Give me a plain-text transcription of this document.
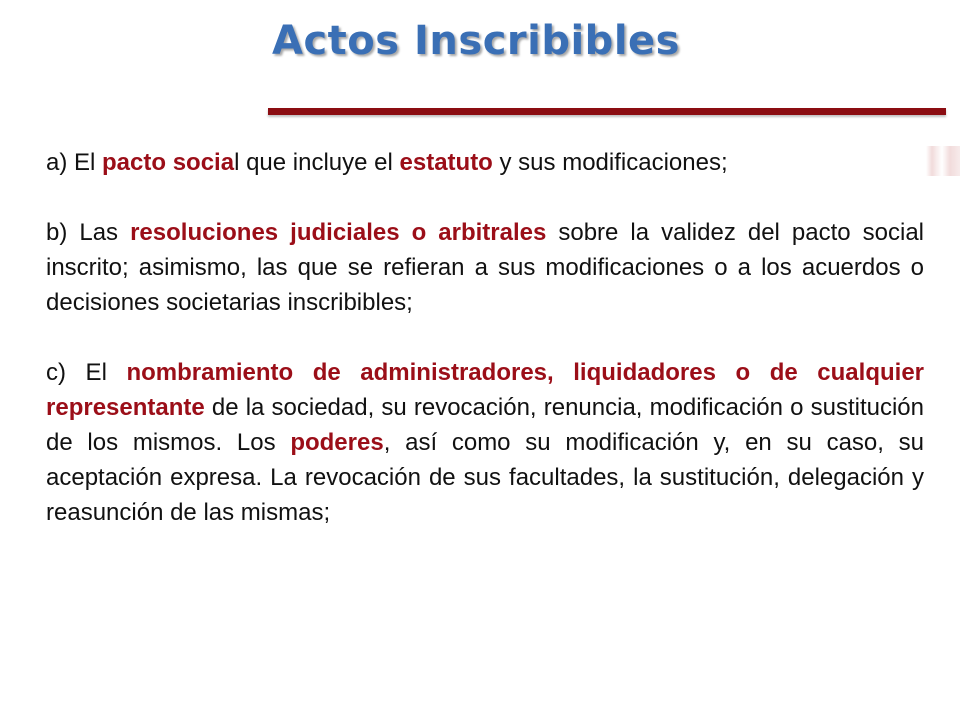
Actos Inscribibles

a) El pacto social que incluye el estatuto y sus modificaciones;

b) Las resoluciones judiciales o arbitrales sobre la validez del pacto social inscrito; asimismo, las que se refieran a sus modificaciones o a los acuerdos o decisiones societarias inscribibles;

c) El nombramiento de administradores, liquidadores o de cualquier representante de la sociedad, su revocación, renuncia, modificación o sustitución de los mismos. Los poderes, así como su modificación y, en su caso, su aceptación expresa. La revocación de sus facultades, la sustitución, delegación y reasunción de las mismas;
